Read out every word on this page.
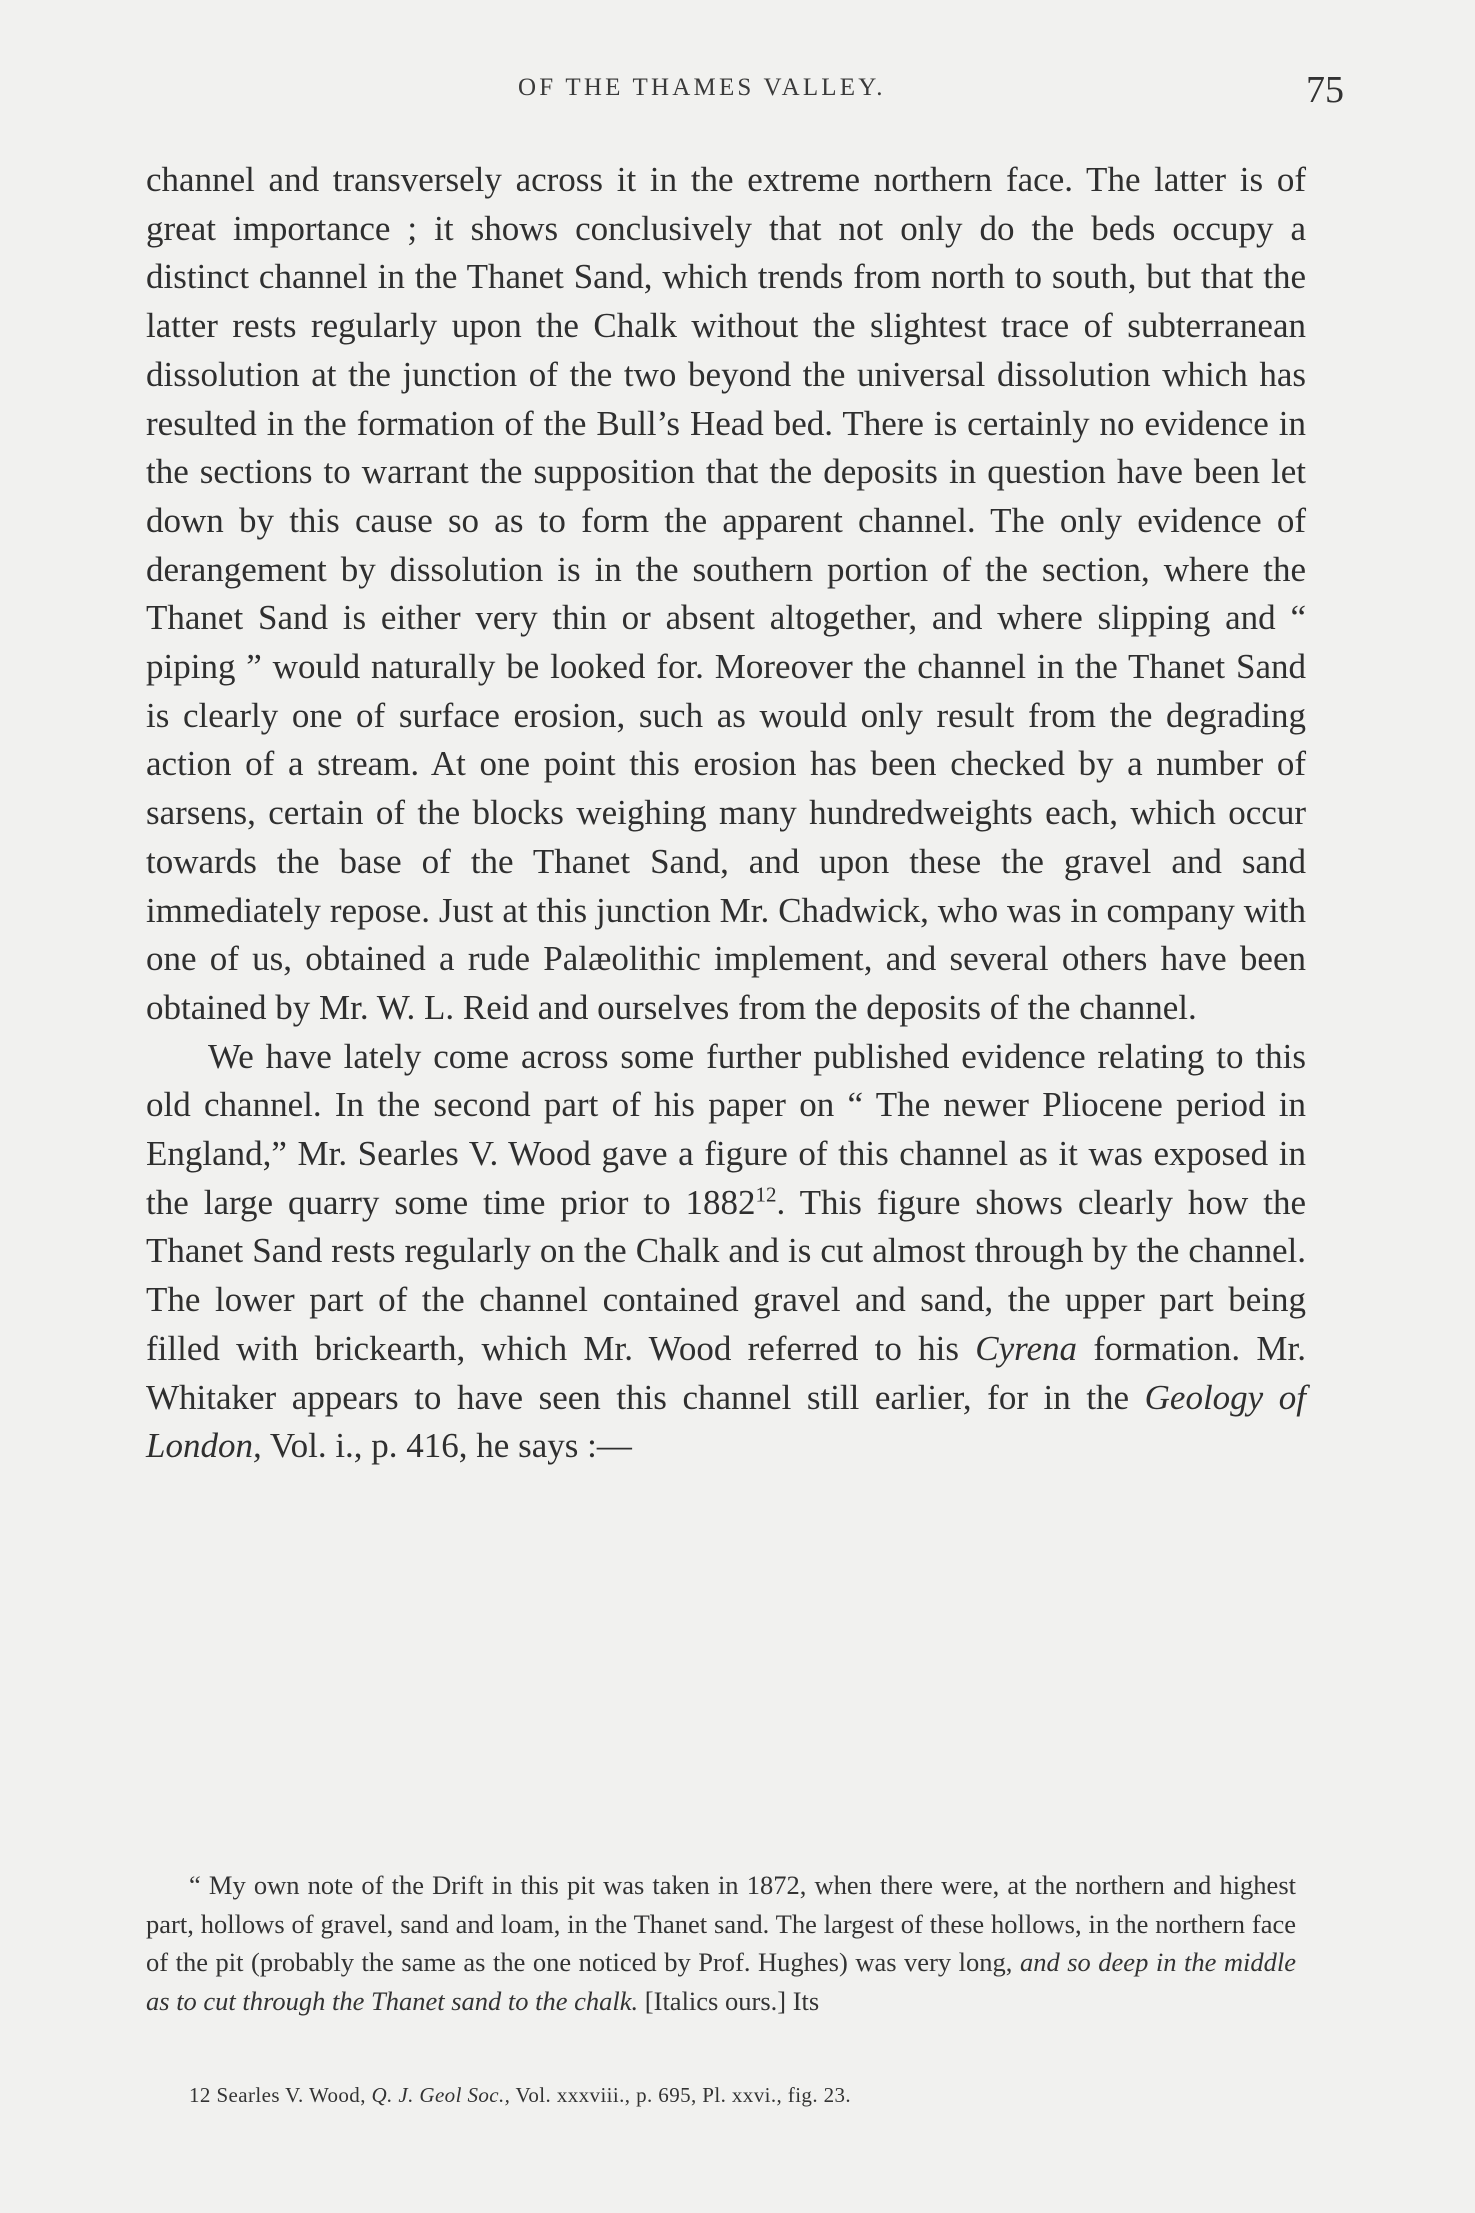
OF THE THAMES VALLEY.	75

channel and transversely across it in the extreme northern face. The latter is of great importance ; it shows conclusively that not only do the beds occupy a distinct channel in the Thanet Sand, which trends from north to south, but that the latter rests regularly upon the Chalk without the slightest trace of subterranean dissolution at the junction of the two beyond the universal dissolution which has resulted in the formation of the Bull’s Head bed. There is certainly no evidence in the sections to warrant the supposition that the deposits in question have been let down by this cause so as to form the apparent channel. The only evidence of derangement by dissolution is in the southern portion of the section, where the Thanet Sand is either very thin or absent altogether, and where slipping and “ piping ” would naturally be looked for. Moreover the channel in the Thanet Sand is clearly one of surface erosion, such as would only result from the degrading action of a stream. At one point this erosion has been checked by a number of sarsens, certain of the blocks weighing many hundredweights each, which occur towards the base of the Thanet Sand, and upon these the gravel and sand immediately repose. Just at this junction Mr. Chadwick, who was in company with one of us, obtained a rude Palæolithic implement, and several others have been obtained by Mr. W. L. Reid and ourselves from the deposits of the channel.

We have lately come across some further published evidence relating to this old channel. In the second part of his paper on “ The newer Pliocene period in England,” Mr. Searles V. Wood gave a figure of this channel as it was exposed in the large quarry some time prior to 1882$^{12}$. This figure shows clearly how the Thanet Sand rests regularly on the Chalk and is cut almost through by the channel. The lower part of the channel contained gravel and sand, the upper part being filled with brickearth, which Mr. Wood referred to his Cyrena formation. Mr. Whitaker appears to have seen this channel still earlier, for in the Geology of London, Vol. i., p. 416, he says :—

“ My own note of the Drift in this pit was taken in 1872, when there were, at the northern and highest part, hollows of gravel, sand and loam, in the Thanet sand. The largest of these hollows, in the northern face of the pit (probably the same as the one noticed by Prof. Hughes) was very long, and so deep in the middle as to cut through the Thanet sand to the chalk. [Italics ours.] Its

12 Searles V. Wood, Q. J. Geol Soc., Vol. xxxviii., p. 695, Pl. xxvi., fig. 23.
